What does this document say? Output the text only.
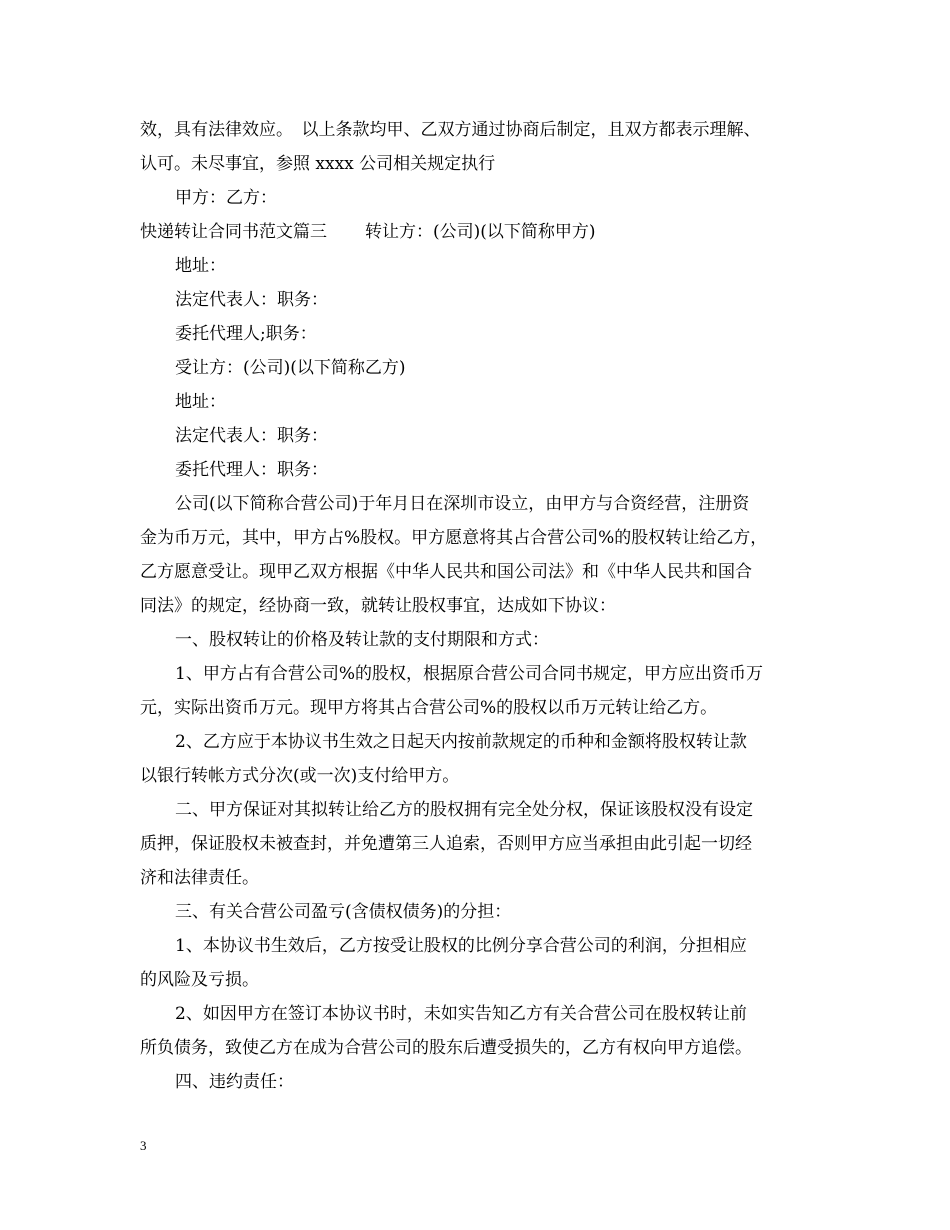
效，具有法律效应。　以上条款均甲、乙双方通过协商后制定，且双方都表示理解、
认可。未尽事宜，参照 xxxx 公司相关规定执行
甲方：乙方：
快递转让合同书范文篇三 转让方：(公司)(以下简称甲方)
地址：
法定代表人：职务：
委托代理人;职务：
受让方：(公司)(以下简称乙方)
地址：
法定代表人：职务：
委托代理人：职务：
公司(以下简称合营公司)于年月日在深圳市设立，由甲方与合资经营，注册资
金为币万元，其中，甲方占%股权。甲方愿意将其占合营公司%的股权转让给乙方，
乙方愿意受让。现甲乙双方根据《中华人民共和国公司法》和《中华人民共和国合
同法》的规定，经协商一致，就转让股权事宜，达成如下协议：
一、股权转让的价格及转让款的支付期限和方式：
1、甲方占有合营公司%的股权，根据原合营公司合同书规定，甲方应出资币万
元，实际出资币万元。现甲方将其占合营公司%的股权以币万元转让给乙方。
2、乙方应于本协议书生效之日起天内按前款规定的币种和金额将股权转让款
以银行转帐方式分次(或一次)支付给甲方。
二、甲方保证对其拟转让给乙方的股权拥有完全处分权，保证该股权没有设定
质押，保证股权未被查封，并免遭第三人追索，否则甲方应当承担由此引起一切经
济和法律责任。
三、有关合营公司盈亏(含债权债务)的分担：
1、本协议书生效后，乙方按受让股权的比例分享合营公司的利润，分担相应
的风险及亏损。
2、如因甲方在签订本协议书时，未如实告知乙方有关合营公司在股权转让前
所负债务，致使乙方在成为合营公司的股东后遭受损失的，乙方有权向甲方追偿。
四、违约责任：
3
